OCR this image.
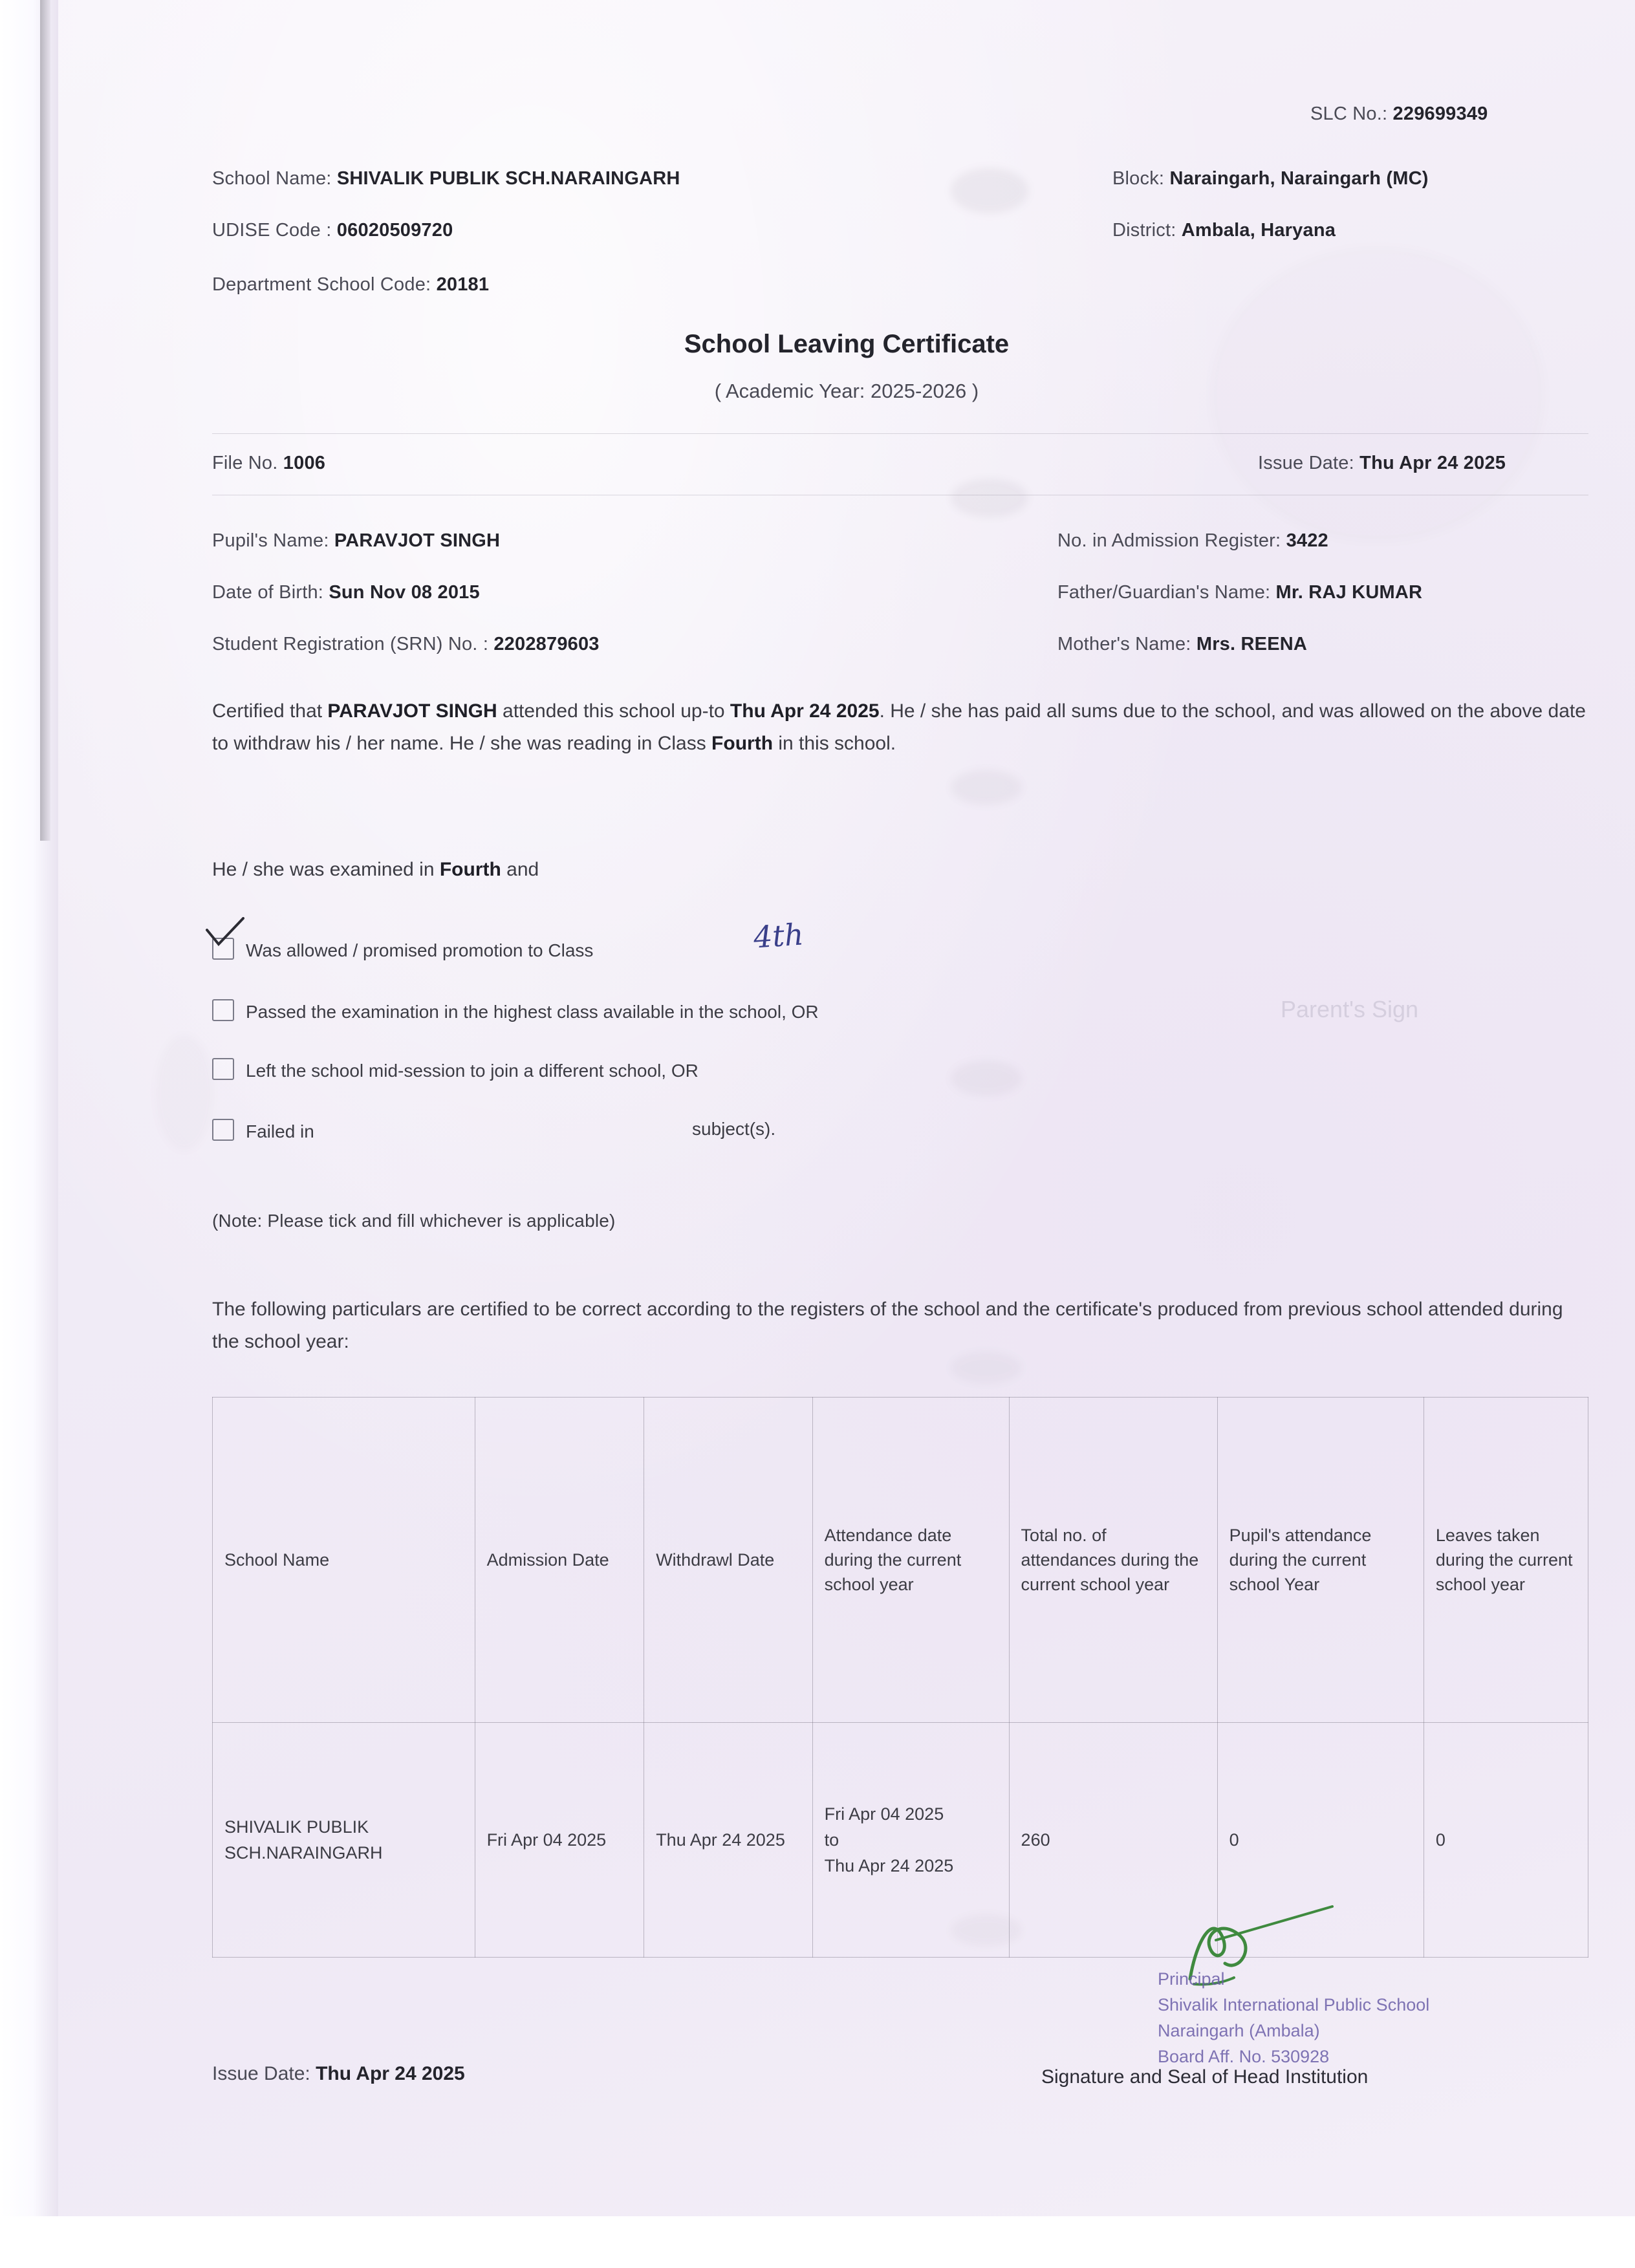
Parent's Sign
SLC No.: 229699349
School Name: SHIVALIK PUBLIK SCH.NARAINGARH	Block: Naraingarh, Naraingarh (MC)
UDISE Code : 06020509720	District: Ambala, Haryana
Department School Code: 20181
School Leaving Certificate
( Academic Year: 2025-2026 )
File No. 1006	Issue Date: Thu Apr 24 2025
Pupil's Name: PARAVJOT SINGH	No. in Admission Register: 3422
Date of Birth: Sun Nov 08 2015	Father/Guardian's Name: Mr. RAJ KUMAR
Student Registration (SRN) No. : 2202879603	Mother's Name: Mrs. REENA
Certified that PARAVJOT SINGH attended this school up-to Thu Apr 24 2025. He / she has paid all sums due to the school, and was allowed on the above date to withdraw his / her name. He / she was reading in Class Fourth in this school.
He / she was examined in Fourth and
Was allowed / promised promotion to Class	4th
Passed the examination in the highest class available in the school, OR
Left the school mid-session to join a different school, OR
Failed in	subject(s).
(Note: Please tick and fill whichever is applicable)
The following particulars are certified to be correct according to the registers of the school and the certificate's produced from previous school attended during the school year:
School Name	Admission Date	Withdrawl Date	Attendance date during the current school year	Total no. of attendances during the current school year	Pupil's attendance during the current school Year	Leaves taken during the current school year
SHIVALIK PUBLIK SCH.NARAINGARH	Fri Apr 04 2025	Thu Apr 24 2025	Fri Apr 04 2025
to
Thu Apr 24 2025	260	0	0
Principal
Shivalik International Public School
Naraingarh (Ambala)
Board Aff. No. 530928
Issue Date: Thu Apr 24 2025	Signature and Seal of Head Institution
